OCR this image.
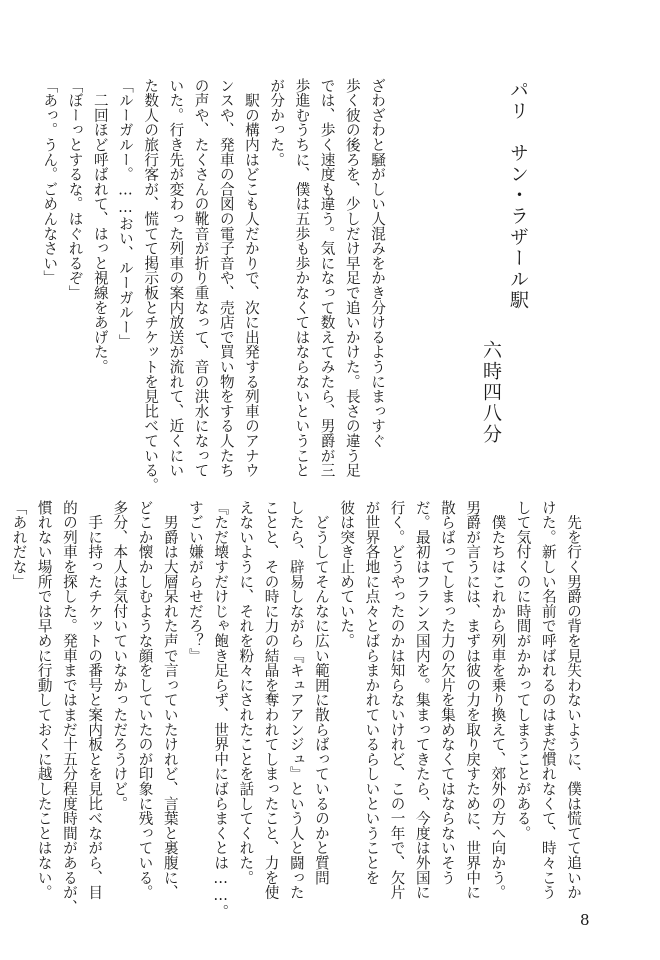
パリ　サン・ラザール駅
六時四八分
ざわざわと騒がしい人混みをかき分けるようにまっすぐ
歩く彼の後ろを、少しだけ早足で追いかけた。長さの違う足
では、歩く速度も違う。気になって数えてみたら、男爵が三
歩進むうちに、僕は五歩も歩かなくてはならないということ
が分かった。
　駅の構内はどこも人だかりで、次に出発する列車のアナウ
ンスや、発車の合図の電子音や、売店で買い物をする人たち
の声や、たくさんの靴音が折り重なって、音の洪水になって
いた。行き先が変わった列車の案内放送が流れて、近くにい
た数人の旅行客が、慌てて掲示板とチケットを見比べている。
「ルーガルー。……おい、ルーガルー」
　二回ほど呼ばれて、はっと視線をあげた。
「ぼーっとするな。はぐれるぞ」
「あっ。うん。ごめんなさい」
　先を行く男爵の背を見失わないように、僕は慌てて追いか
けた。新しい名前で呼ばれるのはまだ慣れなくて、時々こう
して気付くのに時間がかかってしまうことがある。
　僕たちはこれから列車を乗り換えて、郊外の方へ向かう。
男爵が言うには、まずは彼の力を取り戻すために、世界中に
散らばってしまった力の欠片を集めなくてはならないそう
だ。最初はフランス国内を。集まってきたら、今度は外国に
行く。どうやったのかは知らないけれど、この一年で、欠片
が世界各地に点々とばらまかれているらしいということを
彼は突き止めていた。
　どうしてそんなに広い範囲に散らばっているのかと質問
したら、辟易しながら『キュアアンジュ』という人と闘った
ことと、その時に力の結晶を奪われてしまったこと、力を使
えないように、それを粉々にされたことを話してくれた。
『ただ壊すだけじゃ飽き足らず、世界中にばらまくとは……。
すごい嫌がらせだろ？』
　男爵は大層呆れた声で言っていたけれど、言葉と裏腹に、
どこか懐かしむような顔をしていたのが印象に残っている。
多分、本人は気付いていなかっただろうけど。
　手に持ったチケットの番号と案内板とを見比べながら、目
的の列車を探した。発車まではまだ十五分程度時間があるが、
慣れない場所では早めに行動しておくに越したことはない。
「あれだな」
8
